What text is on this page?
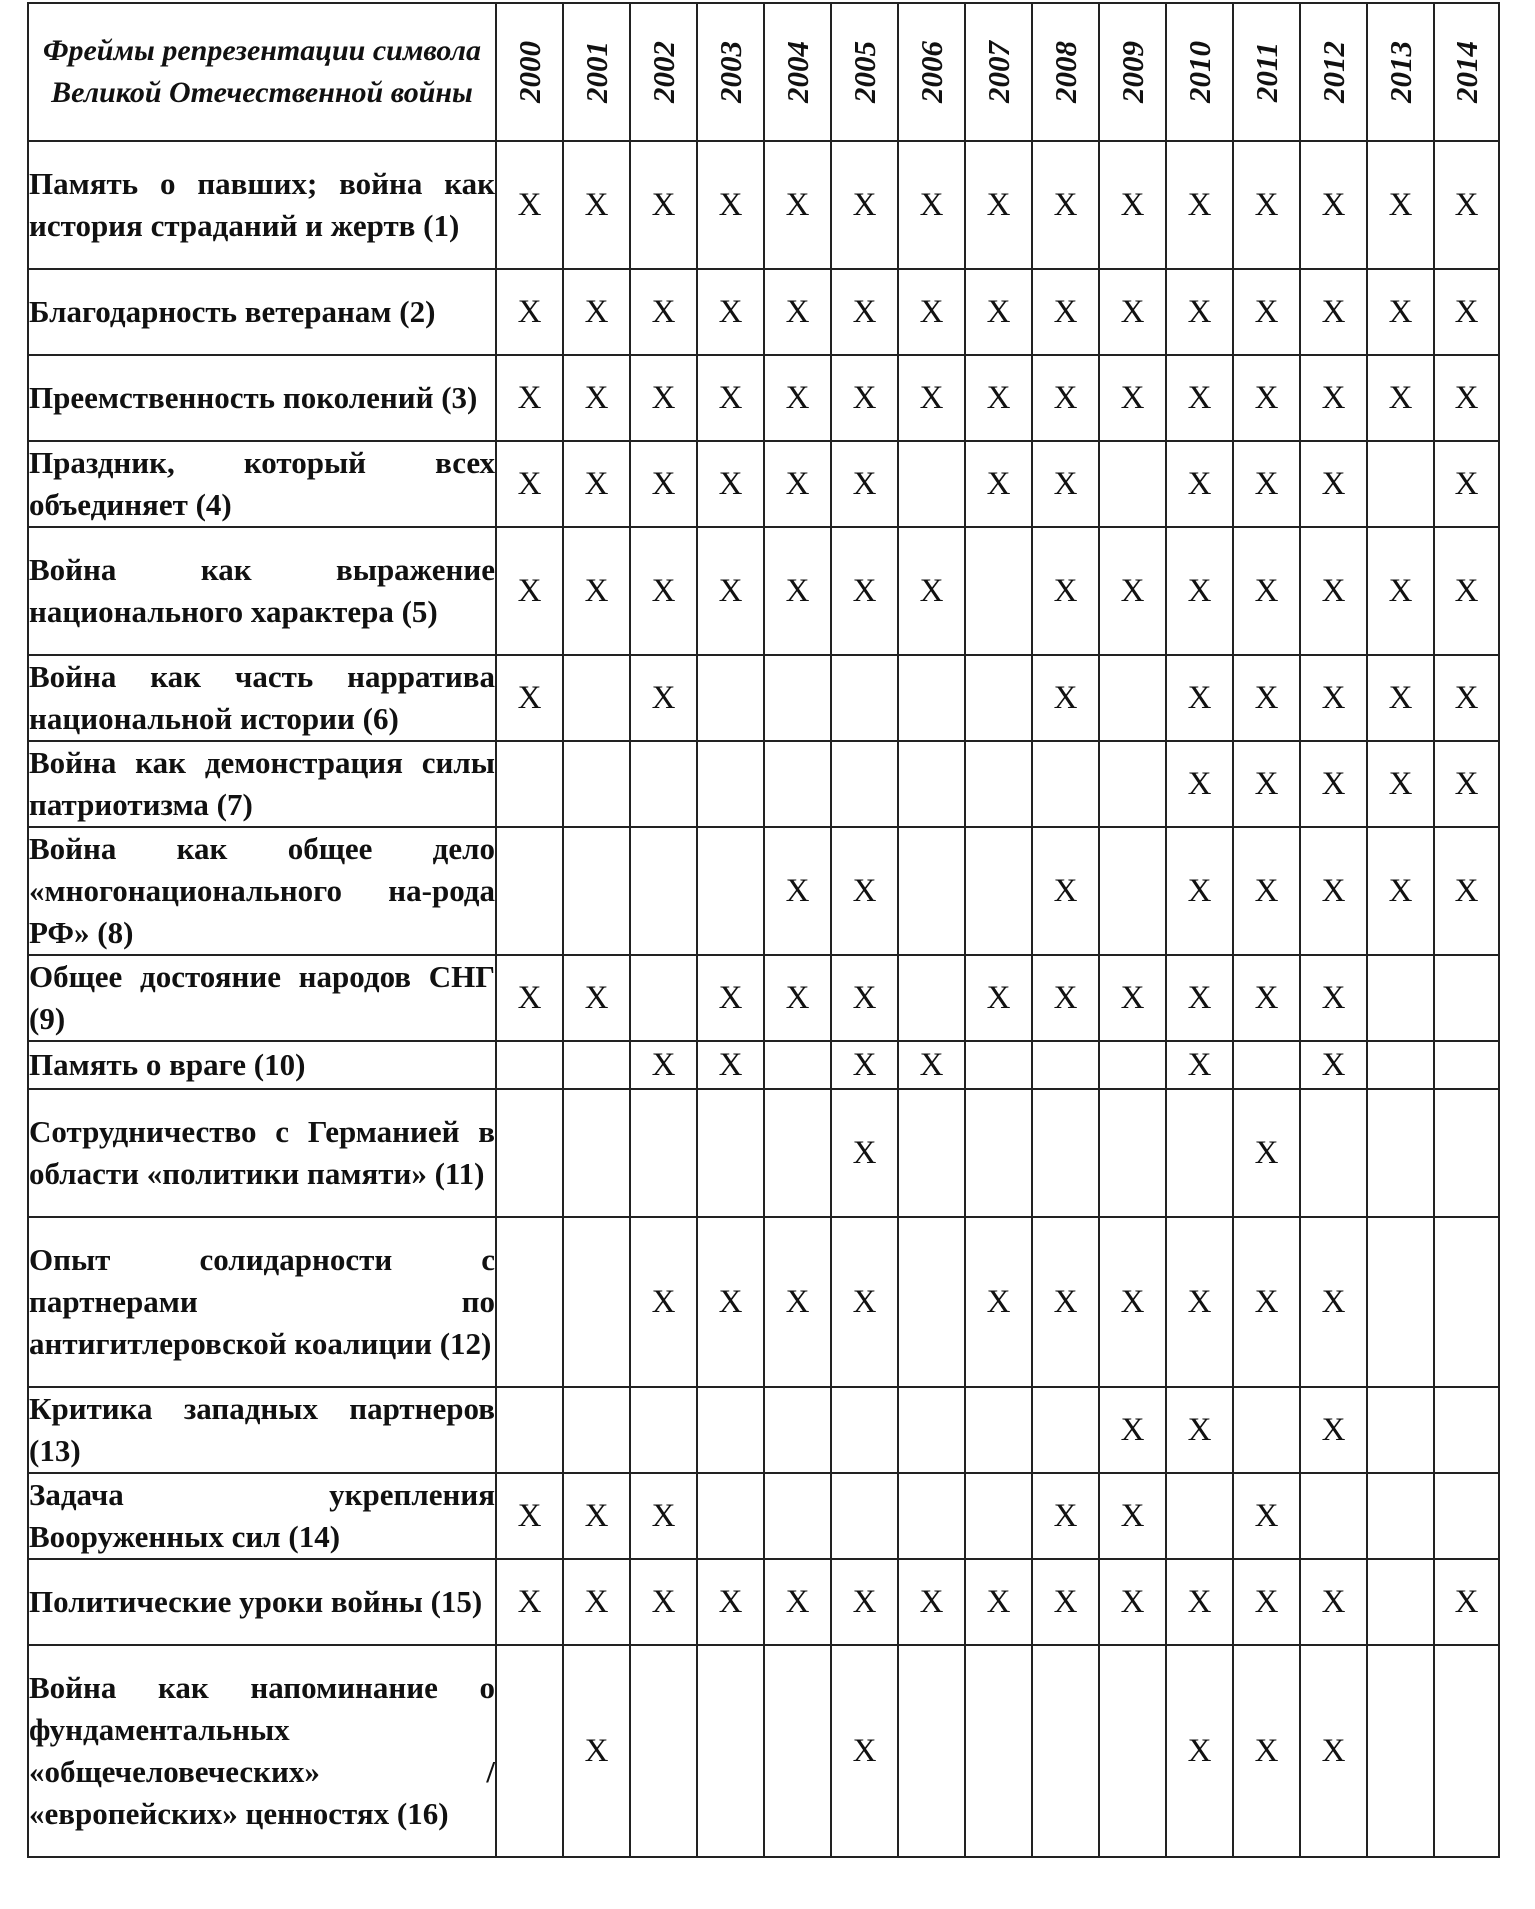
Фреймы репрезентации символа Великой Отечественной войны	2000	2001	2002	2003	2004	2005	2006	2007	2008	2009	2010	2011	2012	2013	2014

Память о павших; война как история страданий и жертв (1)	X	X	X	X	X	X	X	X	X	X	X	X	X	X	X
Благодарность ветеранам (2)	X	X	X	X	X	X	X	X	X	X	X	X	X	X	X
Преемственность поколений (3)	X	X	X	X	X	X	X	X	X	X	X	X	X	X	X
Праздник, который всех объединяет (4)	X	X	X	X	X	X		X	X		X	X	X		X
Война как выражение национального характера (5)	X	X	X	X	X	X	X		X	X	X	X	X	X	X
Война как часть нарратива национальной истории (6)	X		X						X		X	X	X	X	X
Война как демонстрация силы патриотизма (7)											X	X	X	X	X
Война как общее дело «многонационального на-рода РФ» (8)					X	X			X		X	X	X	X	X
Общее достояние народов СНГ (9)	X	X		X	X	X		X	X	X	X	X	X		
Память о враге (10)			X	X		X	X				X		X		
Сотрудничество с Германией в области «политики памяти» (11)						X						X			
Опыт солидарности с партнерами по антигитлеровской коалиции (12)			X	X	X	X		X	X	X	X	X	X		
Критика западных партнеров (13)										X	X		X		
Задача укрепления Вооруженных сил (14)	X	X	X						X	X		X			
Политические уроки войны (15)	X	X	X	X	X	X	X	X	X	X	X	X	X		X
Война как напоминание о фундаментальных «общечеловеческих» / «европейских» ценностях (16)		X				X					X	X	X		
